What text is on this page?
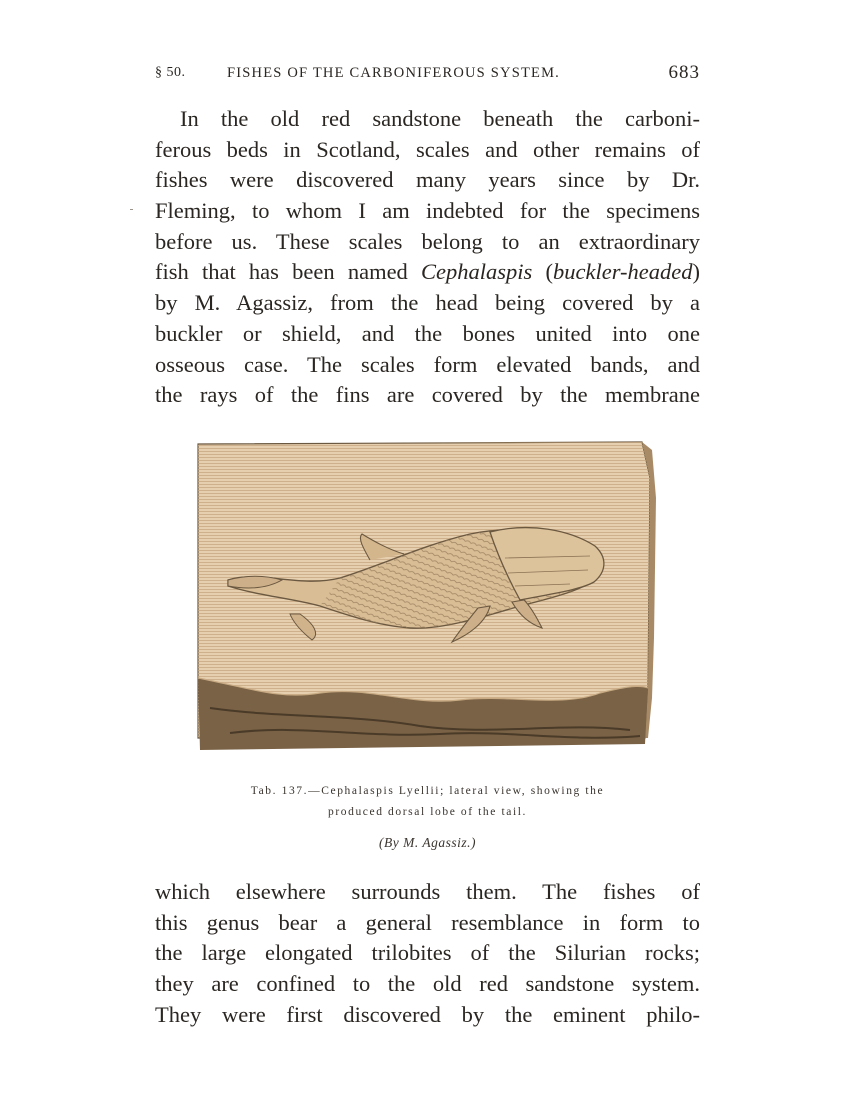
§ 50.	FISHES OF THE CARBONIFEROUS SYSTEM.	683
In the old red sandstone beneath the carboni-
ferous beds in Scotland, scales and other remains of
fishes were discovered many years since by Dr.
Fleming, to whom I am indebted for the specimens
before us. These scales belong to an extraordinary
fish that has been named Cephalaspis (buckler-headed)
by M. Agassiz, from the head being covered by a
buckler or shield, and the bones united into one
osseous case. The scales form elevated bands, and
the rays of the fins are covered by the membrane
Tab. 137.—Cephalaspis Lyellii; lateral view, showing the
produced dorsal lobe of the tail.
(By M. Agassiz.)
which elsewhere surrounds them. The fishes of
this genus bear a general resemblance in form to
the large elongated trilobites of the Silurian rocks;
they are confined to the old red sandstone system.
They were first discovered by the eminent philo-
